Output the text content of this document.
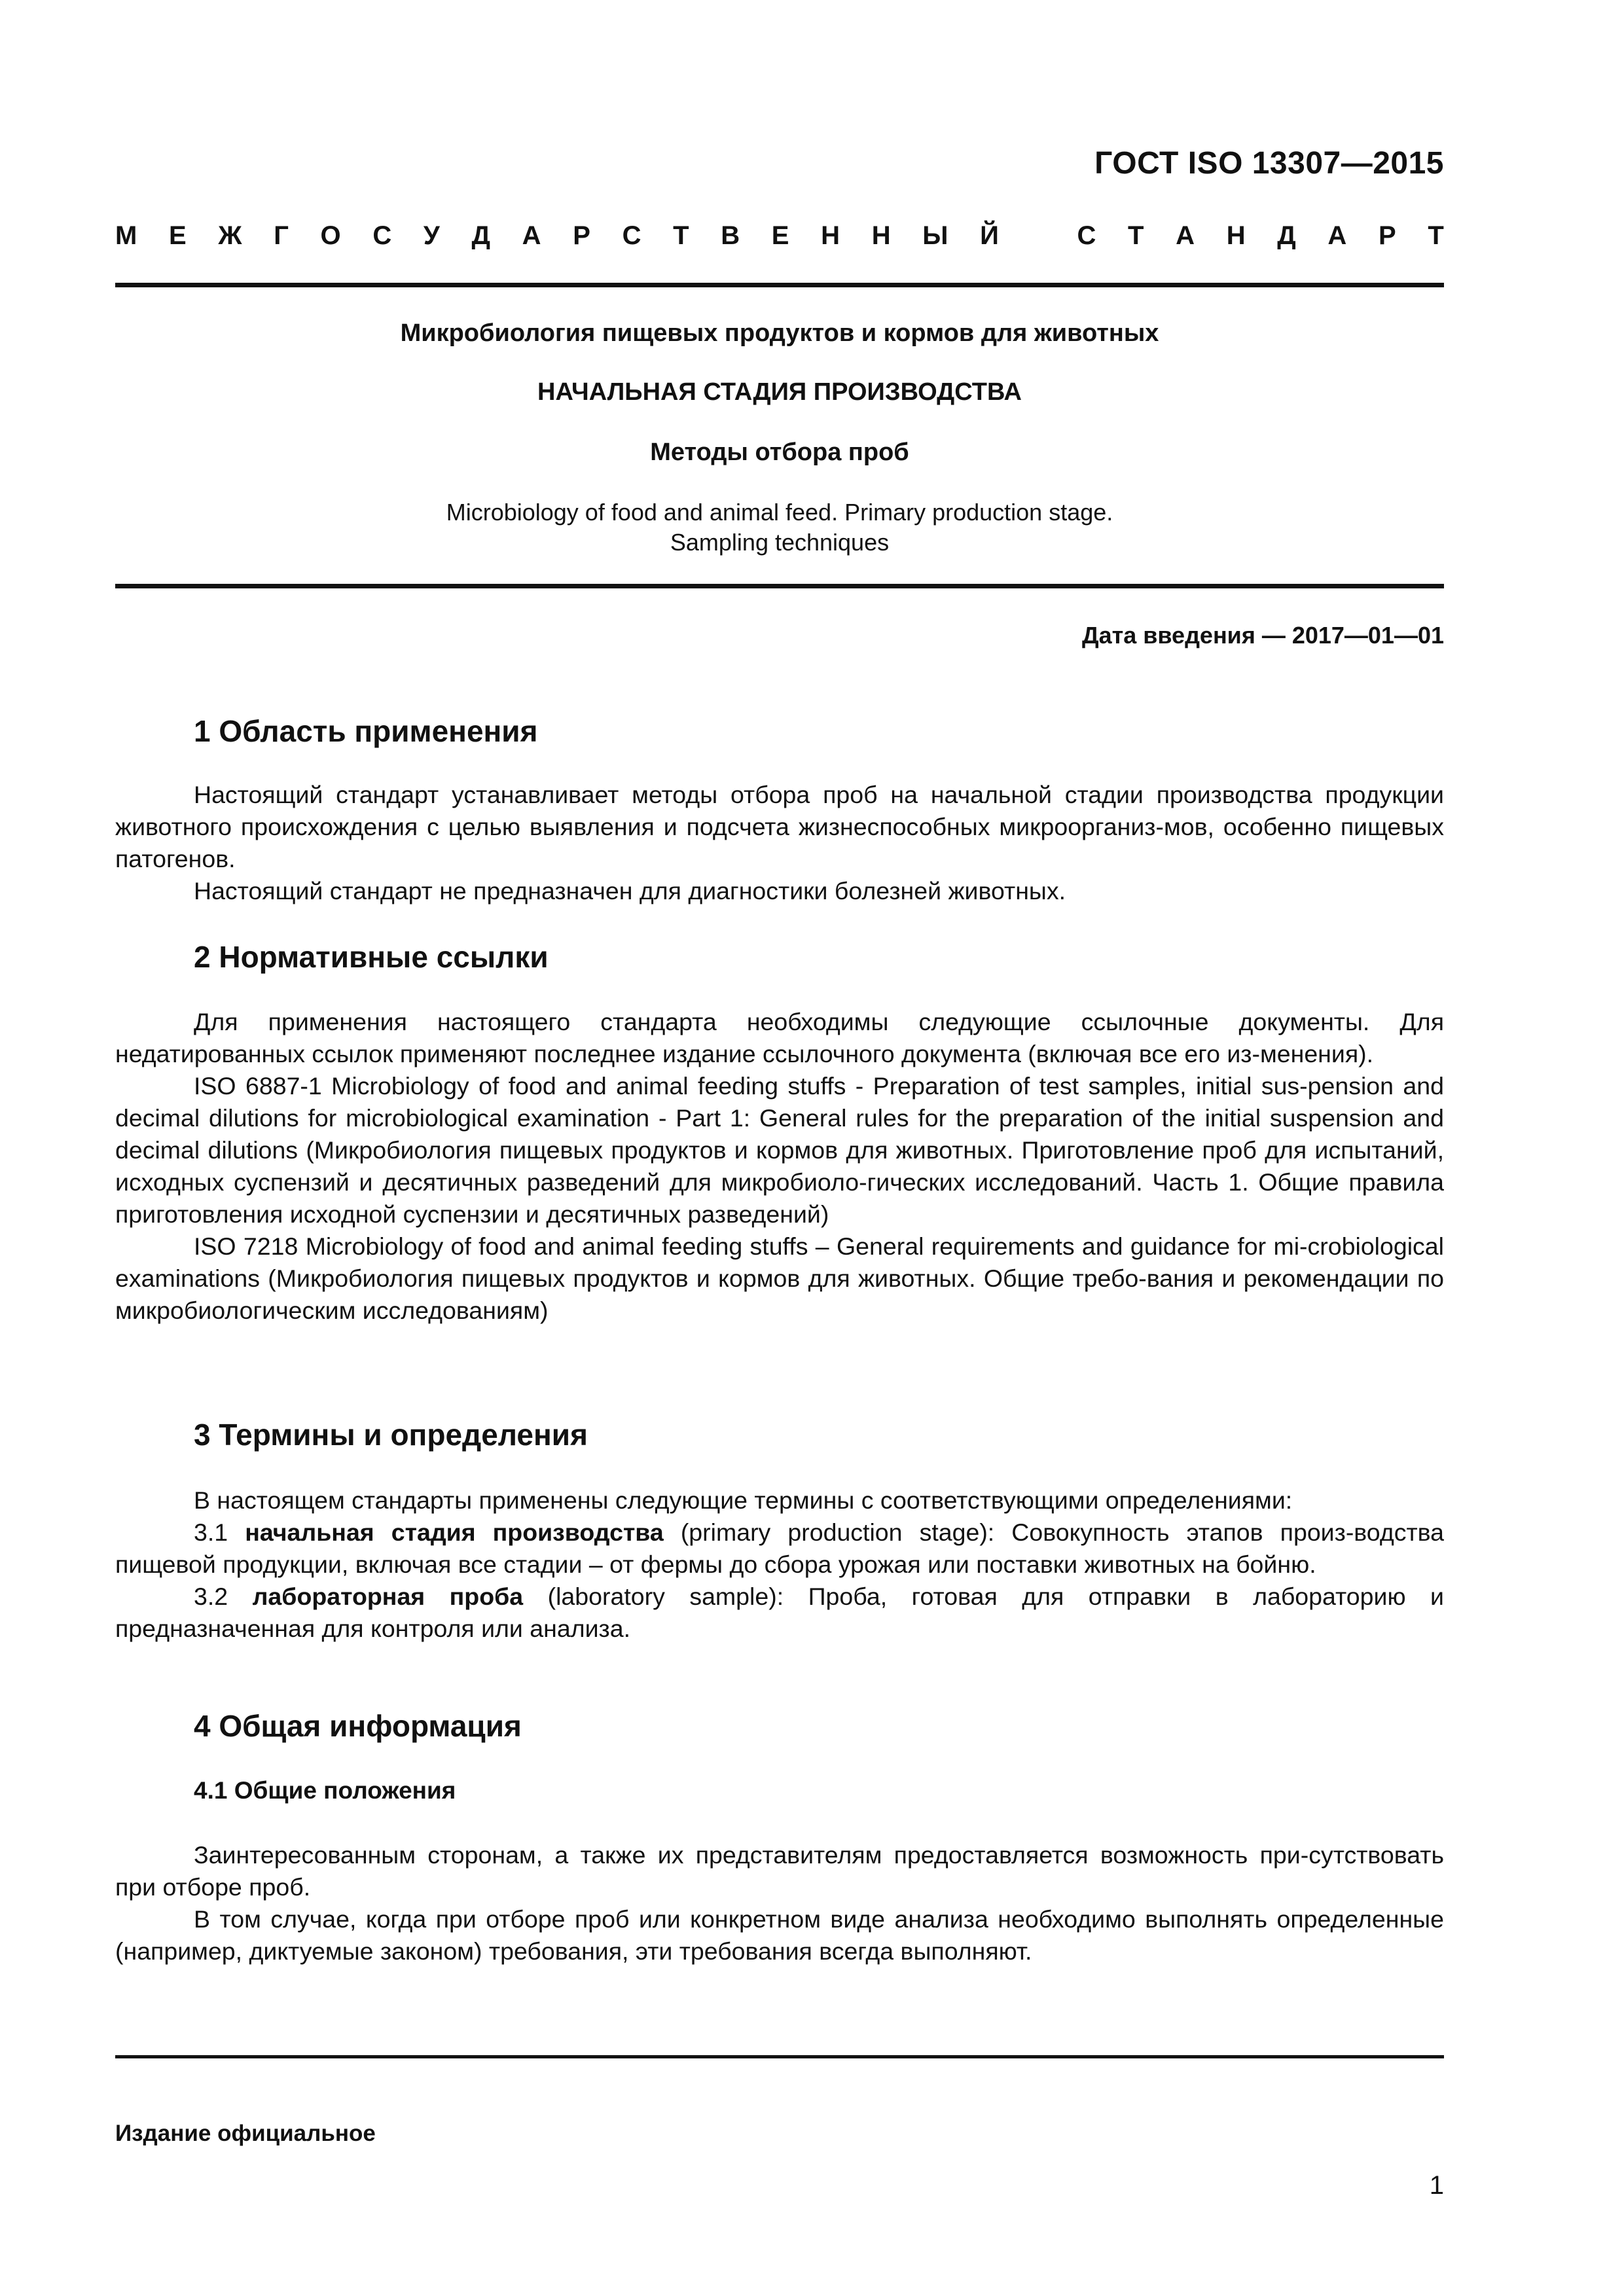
ГОСТ ISO 13307—2015
М Е Ж Г О С У Д А Р С Т В Е Н Н Ы Й
	С Т А Н Д А Р Т
Микробиология пищевых продуктов и кормов для животных
НАЧАЛЬНАЯ СТАДИЯ ПРОИЗВОДСТВА
Методы отбора проб
Microbiology of food and animal feed. Primary production stage.
Sampling techniques
Дата введения — 2017—01—01
1 Область применения

Настоящий стандарт устанавливает методы отбора проб на начальной стадии производства продукции животного происхождения с целью выявления и подсчета жизнеспособных микроорганиз-мов, особенно пищевых патогенов.

Настоящий стандарт не предназначен для диагностики болезней животных.

2 Нормативные ссылки

Для применения настоящего стандарта необходимы следующие ссылочные документы. Для недатированных ссылок применяют последнее издание ссылочного документа (включая все его из-менения).

ISO 6887-1 Microbiology of food and animal feeding stuffs - Preparation of test samples, initial sus-pension and decimal dilutions for microbiological examination - Part 1: General rules for the preparation of the initial suspension and decimal dilutions (Микробиология пищевых продуктов и кормов для животных. Приготовление проб для испытаний, исходных суспензий и десятичных разведений для микробиоло-гических исследований. Часть 1. Общие правила приготовления исходной суспензии и десятичных разведений)

ISO 7218 Microbiology of food and animal feeding stuffs – General requirements and guidance for mi-crobiological examinations (Микробиология пищевых продуктов и кормов для животных. Общие требо-вания и рекомендации по микробиологическим исследованиям)

3 Термины и определения

В настоящем стандарты применены следующие термины с соответствующими определениями:

3.1 начальная стадия производства (primary production stage): Совокупность этапов произ-водства пищевой продукции, включая все стадии – от фермы до сбора урожая или поставки животных на бойню.

3.2 лабораторная проба (laboratory sample): Проба, готовая для отправки в лабораторию и предназначенная для контроля или анализа.

4 Общая информация
4.1 Общие положения

Заинтересованным сторонам, а также их представителям предоставляется возможность при-сутствовать при отборе проб.

В том случае, когда при отборе проб или конкретном виде анализа необходимо выполнять определенные (например, диктуемые законом) требования, эти требования всегда выполняют.

Издание официальное
1
